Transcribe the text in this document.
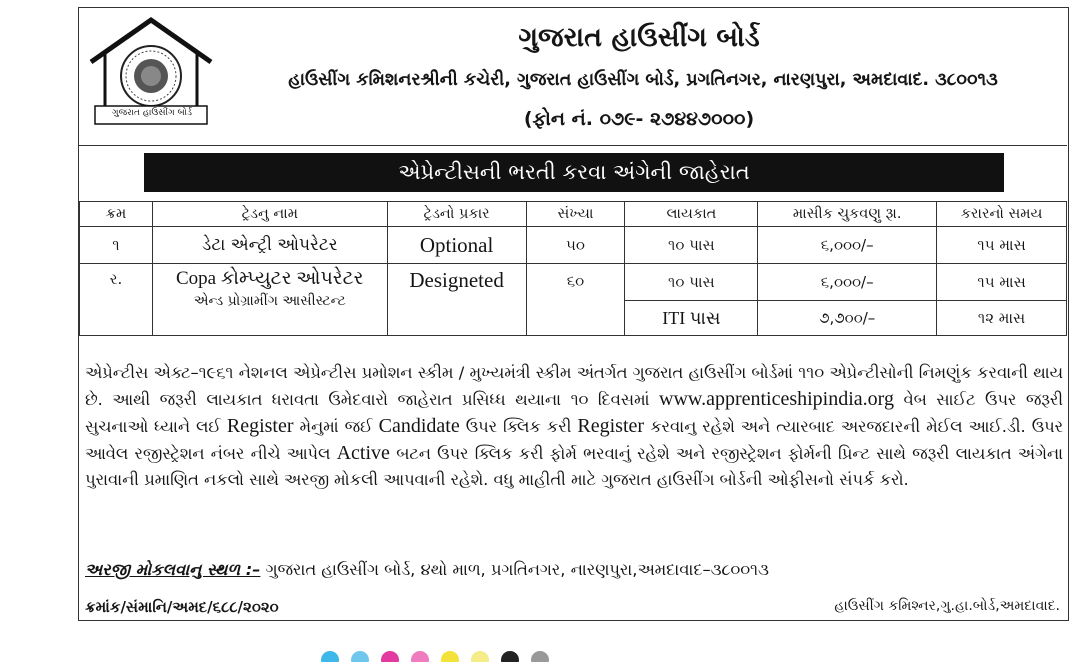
ગુજરાત હાઉસીંગ બોર્ડ
ગુજરાત હાઉસીંગ બોર્ડ
હાઉસીંગ કમિશનરશ્રીની કચેરી, ગુજરાત હાઉસીંગ બોર્ડ, પ્રગતિનગર, નારણપુરા, અમદાવાદ. ૩૮૦૦૧૩
(ફોન નં. ૦૭૯- ૨૭૪૪૭૦૦૦)
એપ્રેન્ટીસની ભરતી કરવા અંગેની જાહેરાત
ક્રમ	ટ્રેડનુ નામ	ટ્રેડનો પ્રકાર	સંખ્યા	લાયકાત	માસીક ચુકવણુ રૂા.	કરારનો સમય
૧	ડેટા એન્ટ્રી ઓપરેટર	Optional	૫૦	૧૦ પાસ	૬,૦૦૦/–	૧૫ માસ
ર.	Copa કોમ્પ્યુટર ઓપરેટર
એન્ડ પ્રોગ્રામીંગ આસીસ્ટન્ટ	Designeted	૬૦	૧૦ પાસ	૬,૦૦૦/–	૧૫ માસ
				ITI પાસ	૭,૭૦૦/–	૧૨ માસ
એપ્રેન્ટીસ એક્ટ–૧૯૬૧ નેશનલ એપ્રેન્ટીસ પ્રમોશન સ્કીમ / મુખ્યમંત્રી સ્કીમ અંતર્ગત ગુજરાત હાઉસીંગ બોર્ડમાં ૧૧૦ એપ્રેન્ટીસોની નિમણુંક કરવાની થાય છે. આથી જરૂરી લાયકાત ધરાવતા ઉમેદવારો જાહેરાત પ્રસિધ્ધ થયાના ૧૦ દિવસમાં www.apprenticeshipindia.org વેબ સાઈટ ઉપર જરૂરી સુચનાઓ ધ્યાને લઈ Register મેનુમાં જઈ Candidate ઉપર ક્લિક કરી Register કરવાનુ રહેશે અને ત્યારબાદ અરજદારની મેઈલ આઈ.ડી. ઉપર આવેલ રજીસ્ટ્રેશન નંબર નીચે આપેલ Active બટન ઉપર ક્લિક કરી ફોર્મ ભરવાનું રહેશે અને રજીસ્ટ્રેશન ફોર્મની પ્રિન્ટ સાથે જરૂરી લાયકાત અંગેના પુરાવાની પ્રમાણિત નકલો સાથે અરજી મોકલી આપવાની રહેશે. વધુ માહીતી માટે ગુજરાત હાઉસીંગ બોર્ડની ઓફીસનો સંપર્ક કરો.
અરજી મોકલવાનુ સ્થળ :– ગુજરાત હાઉસીંગ બોર્ડ, ૪થો માળ, પ્રગતિનગર, નારણપુરા,અમદાવાદ–૩૮૦૦૧૩
ક્રમાંક/સંમાનિ/અમદ/૬૮૮/૨૦૨૦	હાઉસીંગ કમિશ્નર,ગુ.હા.બોર્ડ,અમદાવાદ.
